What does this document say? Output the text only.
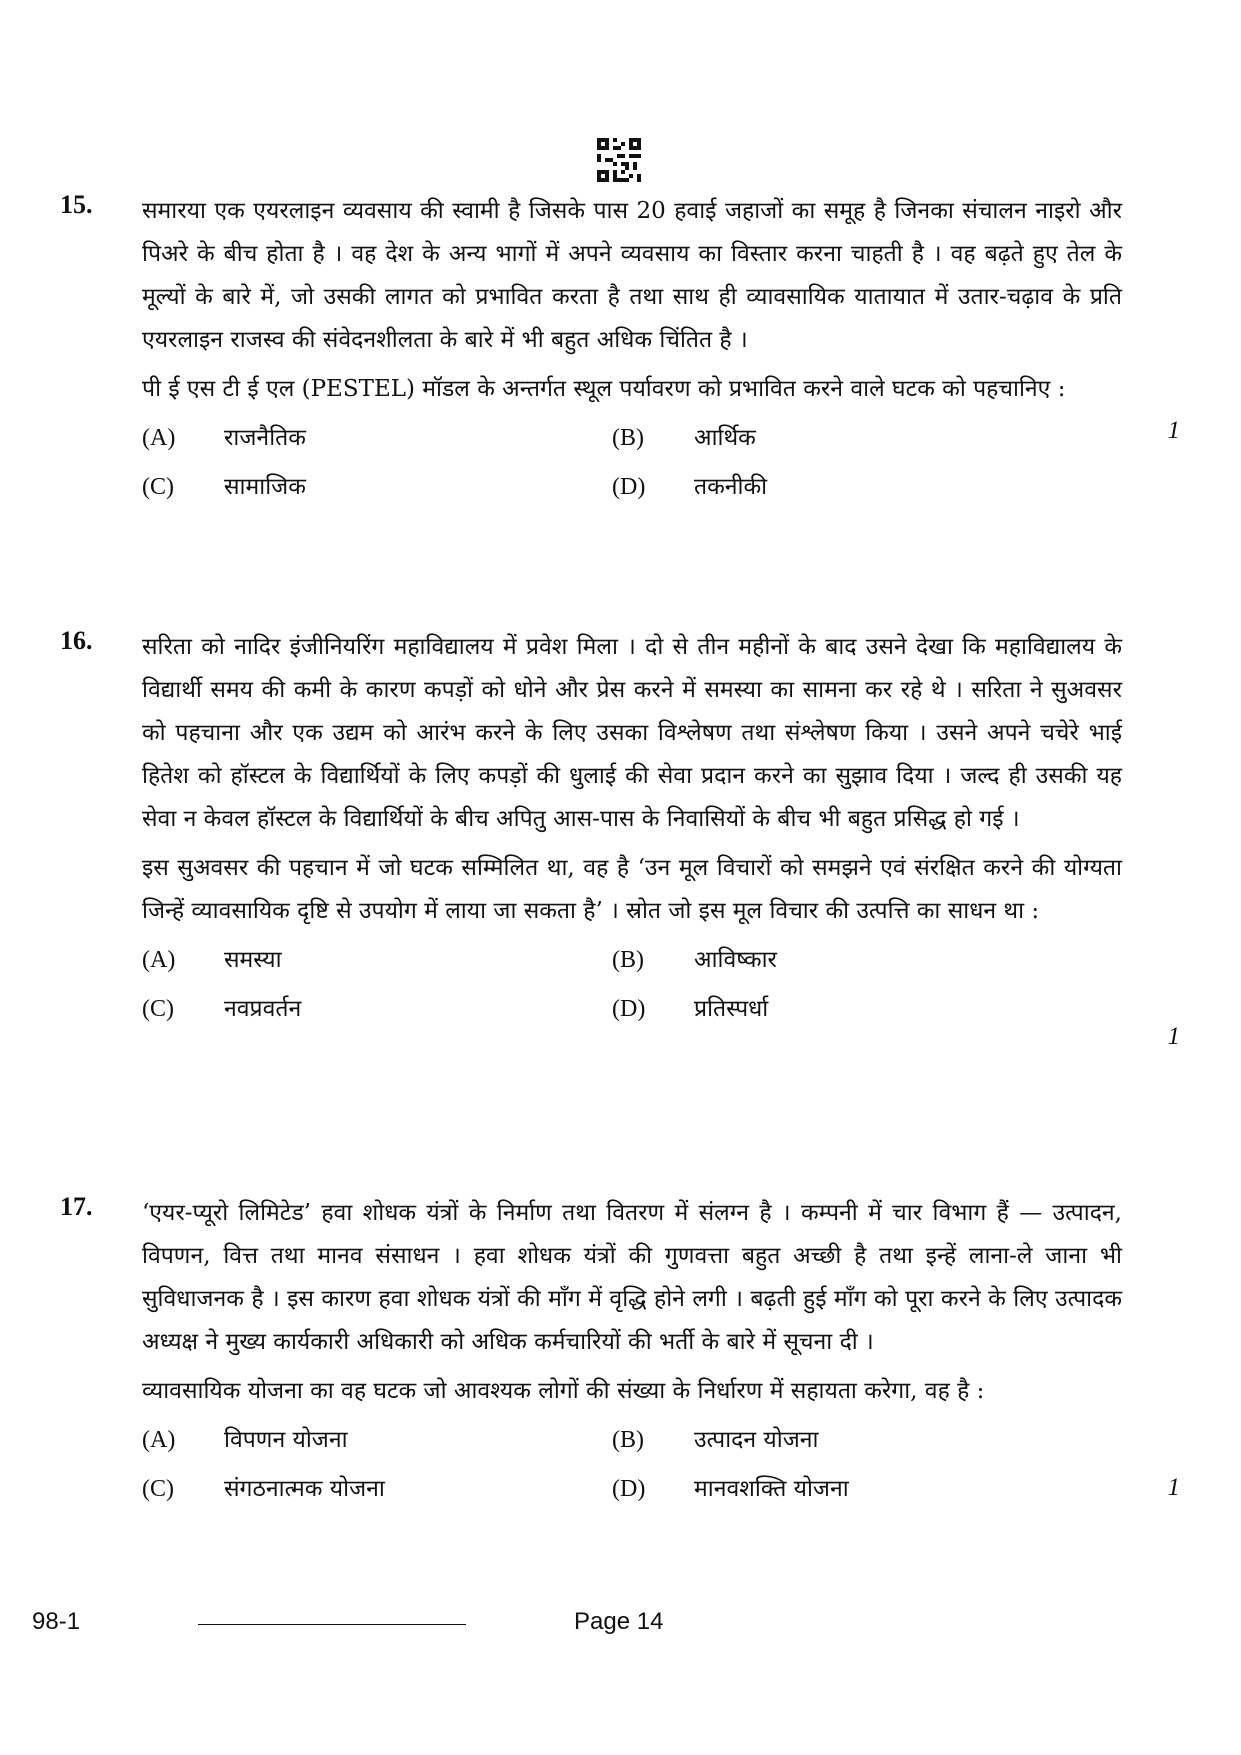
15. समारया एक एयरलाइन व्यवसाय की स्वामी है जिसके पास 20 हवाई जहाजों का समूह है जिनका संचालन नाइरो और पिअरे के बीच होता है । वह देश के अन्य भागों में अपने व्यवसाय का विस्तार करना चाहती है । वह बढ़ते हुए तेल के मूल्यों के बारे में, जो उसकी लागत को प्रभावित करता है तथा साथ ही व्यावसायिक यातायात में उतार-चढ़ाव के प्रति एयरलाइन राजस्व की संवेदनशीलता के बारे में भी बहुत अधिक चिंतित है ।

पी ई एस टी ई एल (PESTEL) मॉडल के अन्तर्गत स्थूल पर्यावरण को प्रभावित करने वाले घटक को पहचानिए :

1
(A)	राजनैतिक	(B)	आर्थिक
(C)	सामाजिक	(D)	तकनीकी
16. सरिता को नादिर इंजीनियरिंग महाविद्यालय में प्रवेश मिला । दो से तीन महीनों के बाद उसने देखा कि महाविद्यालय के विद्यार्थी समय की कमी के कारण कपड़ों को धोने और प्रेस करने में समस्या का सामना कर रहे थे । सरिता ने सुअवसर को पहचाना और एक उद्यम को आरंभ करने के लिए उसका विश्लेषण तथा संश्लेषण किया । उसने अपने चचेरे भाई हितेश को हॉस्टल के विद्यार्थियों के लिए कपड़ों की धुलाई की सेवा प्रदान करने का सुझाव दिया । जल्द ही उसकी यह सेवा न केवल हॉस्टल के विद्यार्थियों के बीच अपितु आस-पास के निवासियों के बीच भी बहुत प्रसिद्ध हो गई ।

इस सुअवसर की पहचान में जो घटक सम्मिलित था, वह है ‘उन मूल विचारों को समझने एवं संरक्षित करने की योग्यता जिन्हें व्यावसायिक दृष्टि से उपयोग में लाया जा सकता है’ । स्रोत जो इस मूल विचार की उत्पत्ति का साधन था :

1
(A)	समस्या	(B)	आविष्कार
(C)	नवप्रवर्तन	(D)	प्रतिस्पर्धा
17. ‘एयर-प्यूरो लिमिटेड’ हवा शोधक यंत्रों के निर्माण तथा वितरण में संलग्न है । कम्पनी में चार विभाग हैं — उत्पादन, विपणन, वित्त तथा मानव संसाधन । हवा शोधक यंत्रों की गुणवत्ता बहुत अच्छी है तथा इन्हें लाना-ले जाना भी सुविधाजनक है । इस कारण हवा शोधक यंत्रों की माँग में वृद्धि होने लगी । बढ़ती हुई माँग को पूरा करने के लिए उत्पादक अध्यक्ष ने मुख्य कार्यकारी अधिकारी को अधिक कर्मचारियों की भर्ती के बारे में सूचना दी ।

व्यावसायिक योजना का वह घटक जो आवश्यक लोगों की संख्या के निर्धारण में सहायता करेगा, वह है :

1
(A)	विपणन योजना	(B)	उत्पादन योजना
(C)	संगठनात्मक योजना	(D)	मानवशक्ति योजना
98-1	Page 14
